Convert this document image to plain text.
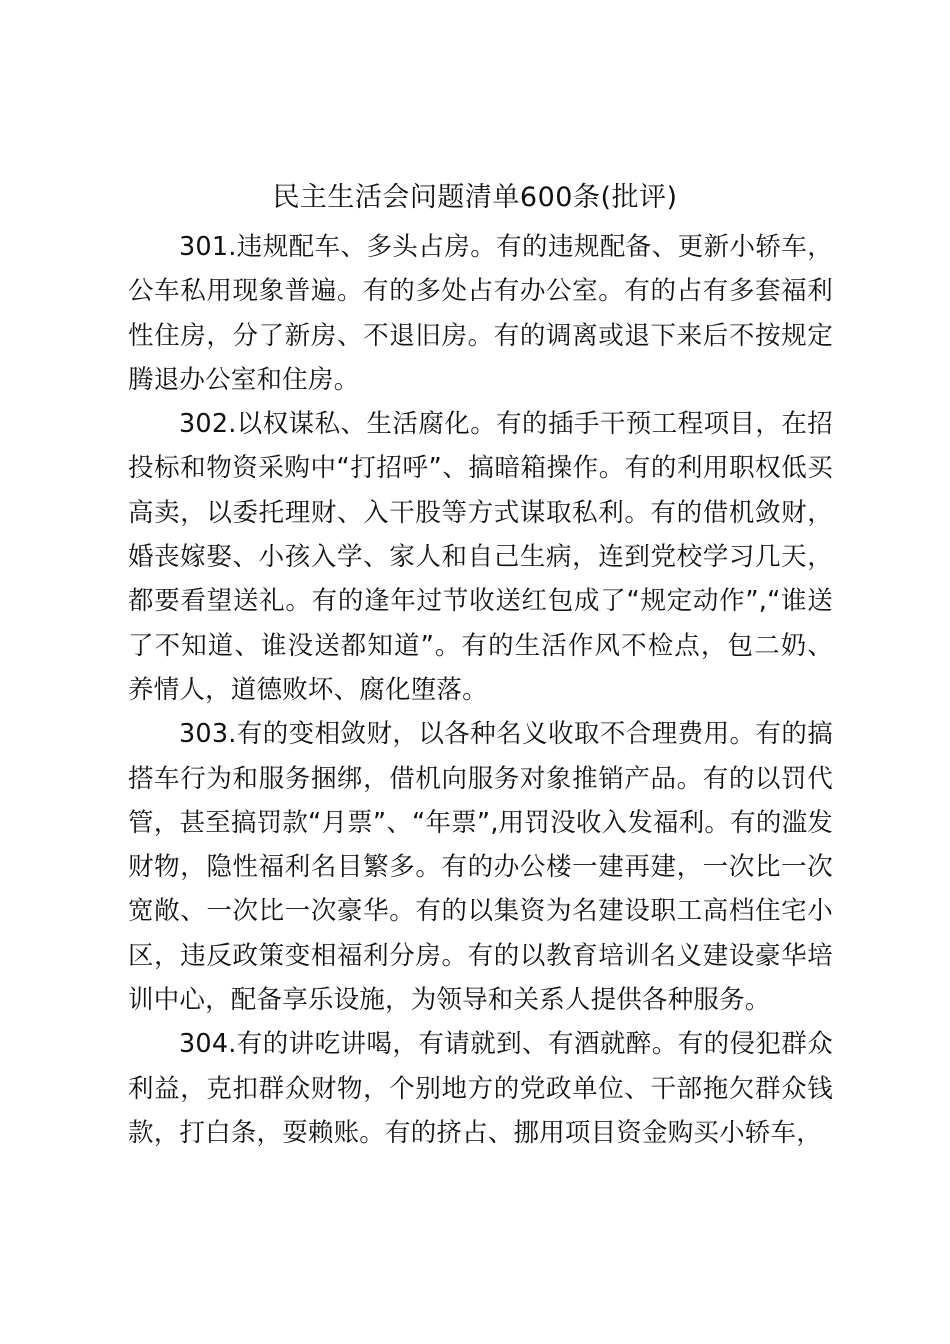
民主生活会问题清单600条(批评)

301.违规配车、多头占房。有的违规配备、更新小轿车，公车私用现象普遍。有的多处占有办公室。有的占有多套福利性住房，分了新房、不退旧房。有的调离或退下来后不按规定腾退办公室和住房。

302.以权谋私、生活腐化。有的插手干预工程项目，在招投标和物资采购中“打招呼”、搞暗箱操作。有的利用职权低买高卖，以委托理财、入干股等方式谋取私利。有的借机敛财，婚丧嫁娶、小孩入学、家人和自己生病，连到党校学习几天，都要看望送礼。有的逢年过节收送红包成了“规定动作”,“谁送了不知道、谁没送都知道”。有的生活作风不检点，包二奶、养情人，道德败坏、腐化堕落。

303.有的变相敛财，以各种名义收取不合理费用。有的搞搭车行为和服务捆绑，借机向服务对象推销产品。有的以罚代管，甚至搞罚款“月票”、“年票”,用罚没收入发福利。有的滥发财物，隐性福利名目繁多。有的办公楼一建再建，一次比一次宽敞、一次比一次豪华。有的以集资为名建设职工高档住宅小区，违反政策变相福利分房。有的以教育培训名义建设豪华培训中心，配备享乐设施，为领导和关系人提供各种服务。

304.有的讲吃讲喝，有请就到、有酒就醉。有的侵犯群众利益，克扣群众财物，个别地方的党政单位、干部拖欠群众钱款，打白条，耍赖账。有的挤占、挪用项目资金购买小轿车，
